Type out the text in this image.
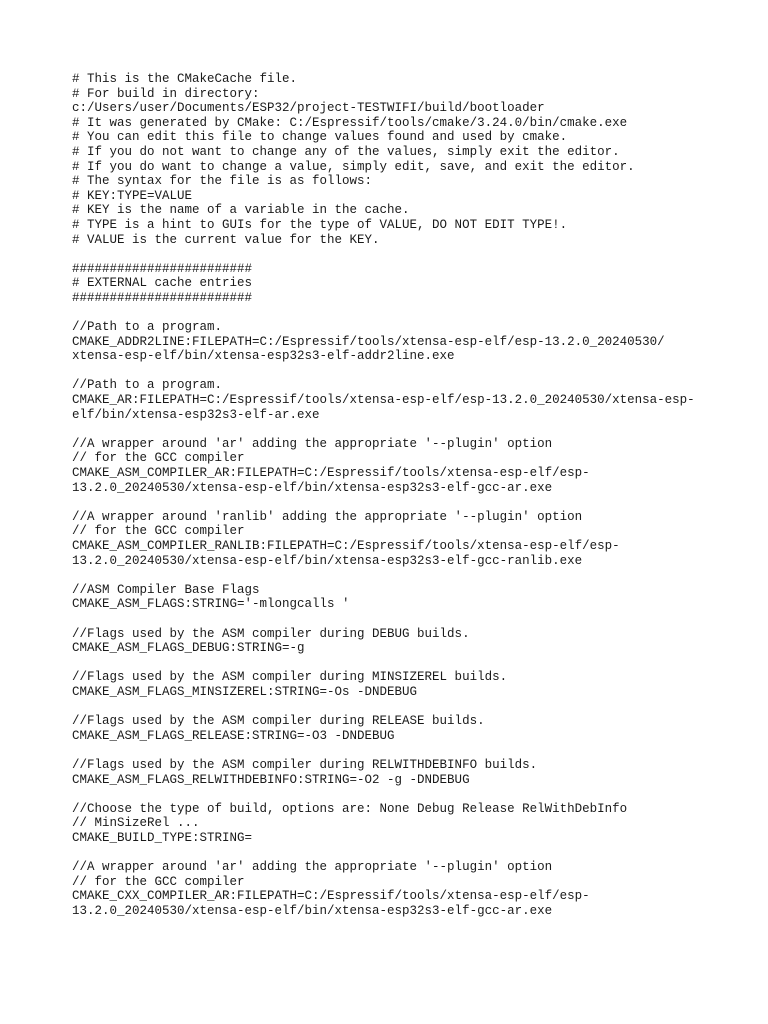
# This is the CMakeCache file.
# For build in directory:
c:/Users/user/Documents/ESP32/project-TESTWIFI/build/bootloader
# It was generated by CMake: C:/Espressif/tools/cmake/3.24.0/bin/cmake.exe
# You can edit this file to change values found and used by cmake.
# If you do not want to change any of the values, simply exit the editor.
# If you do want to change a value, simply edit, save, and exit the editor.
# The syntax for the file is as follows:
# KEY:TYPE=VALUE
# KEY is the name of a variable in the cache.
# TYPE is a hint to GUIs for the type of VALUE, DO NOT EDIT TYPE!.
# VALUE is the current value for the KEY.
########################
# EXTERNAL cache entries
########################
//Path to a program.
CMAKE_ADDR2LINE:FILEPATH=C:/Espressif/tools/xtensa-esp-elf/esp-13.2.0_20240530/
xtensa-esp-elf/bin/xtensa-esp32s3-elf-addr2line.exe
//Path to a program.
CMAKE_AR:FILEPATH=C:/Espressif/tools/xtensa-esp-elf/esp-13.2.0_20240530/xtensa-esp-
elf/bin/xtensa-esp32s3-elf-ar.exe
//A wrapper around 'ar' adding the appropriate '--plugin' option
// for the GCC compiler
CMAKE_ASM_COMPILER_AR:FILEPATH=C:/Espressif/tools/xtensa-esp-elf/esp-
13.2.0_20240530/xtensa-esp-elf/bin/xtensa-esp32s3-elf-gcc-ar.exe
//A wrapper around 'ranlib' adding the appropriate '--plugin' option
// for the GCC compiler
CMAKE_ASM_COMPILER_RANLIB:FILEPATH=C:/Espressif/tools/xtensa-esp-elf/esp-
13.2.0_20240530/xtensa-esp-elf/bin/xtensa-esp32s3-elf-gcc-ranlib.exe
//ASM Compiler Base Flags
CMAKE_ASM_FLAGS:STRING='-mlongcalls '
//Flags used by the ASM compiler during DEBUG builds.
CMAKE_ASM_FLAGS_DEBUG:STRING=-g
//Flags used by the ASM compiler during MINSIZEREL builds.
CMAKE_ASM_FLAGS_MINSIZEREL:STRING=-Os -DNDEBUG
//Flags used by the ASM compiler during RELEASE builds.
CMAKE_ASM_FLAGS_RELEASE:STRING=-O3 -DNDEBUG
//Flags used by the ASM compiler during RELWITHDEBINFO builds.
CMAKE_ASM_FLAGS_RELWITHDEBINFO:STRING=-O2 -g -DNDEBUG
//Choose the type of build, options are: None Debug Release RelWithDebInfo
// MinSizeRel ...
CMAKE_BUILD_TYPE:STRING=
//A wrapper around 'ar' adding the appropriate '--plugin' option
// for the GCC compiler
CMAKE_CXX_COMPILER_AR:FILEPATH=C:/Espressif/tools/xtensa-esp-elf/esp-
13.2.0_20240530/xtensa-esp-elf/bin/xtensa-esp32s3-elf-gcc-ar.exe
